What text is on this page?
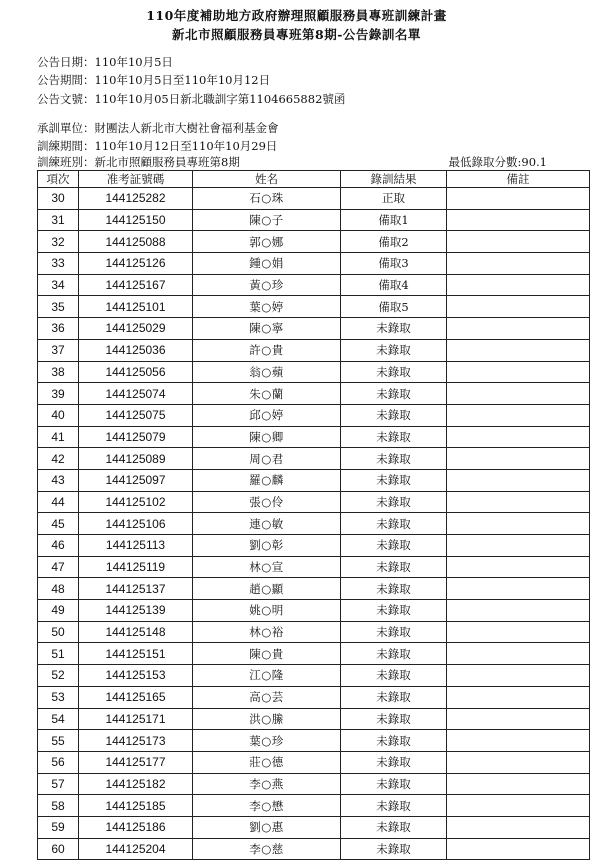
110年度補助地方政府辦理照顧服務員專班訓練計畫
新北市照顧服務員專班第8期-公告錄訓名單
公告日期：110年10月5日
公告期間：110年10月5日至110年10月12日
公告文號：110年10月05日新北職訓字第1104665882號函
承訓單位：財團法人新北市大樹社會福利基金會
訓練期間：110年10月12日至110年10月29日
訓練班別：新北市照顧服務員專班第8期	最低錄取分數:90.1
項次	准考証號碼	姓名	錄訓結果	備註
30	144125282	石○珠	正取	
31	144125150	陳○子	備取1	
32	144125088	郭○娜	備取2	
33	144125126	鍾○娟	備取3	
34	144125167	黃○珍	備取4	
35	144125101	葉○婷	備取5	
36	144125029	陳○寧	未錄取	
37	144125036	許○貴	未錄取	
38	144125056	翁○蘋	未錄取	
39	144125074	朱○蘭	未錄取	
40	144125075	邱○婷	未錄取	
41	144125079	陳○卿	未錄取	
42	144125089	周○君	未錄取	
43	144125097	羅○麟	未錄取	
44	144125102	張○伶	未錄取	
45	144125106	連○敏	未錄取	
46	144125113	劉○彰	未錄取	
47	144125119	林○宣	未錄取	
48	144125137	趙○顯	未錄取	
49	144125139	姚○明	未錄取	
50	144125148	林○裕	未錄取	
51	144125151	陳○貴	未錄取	
52	144125153	江○隆	未錄取	
53	144125165	高○芸	未錄取	
54	144125171	洪○縢	未錄取	
55	144125173	葉○珍	未錄取	
56	144125177	莊○德	未錄取	
57	144125182	李○燕	未錄取	
58	144125185	李○懋	未錄取	
59	144125186	劉○惠	未錄取	
60	144125204	李○慈	未錄取	
